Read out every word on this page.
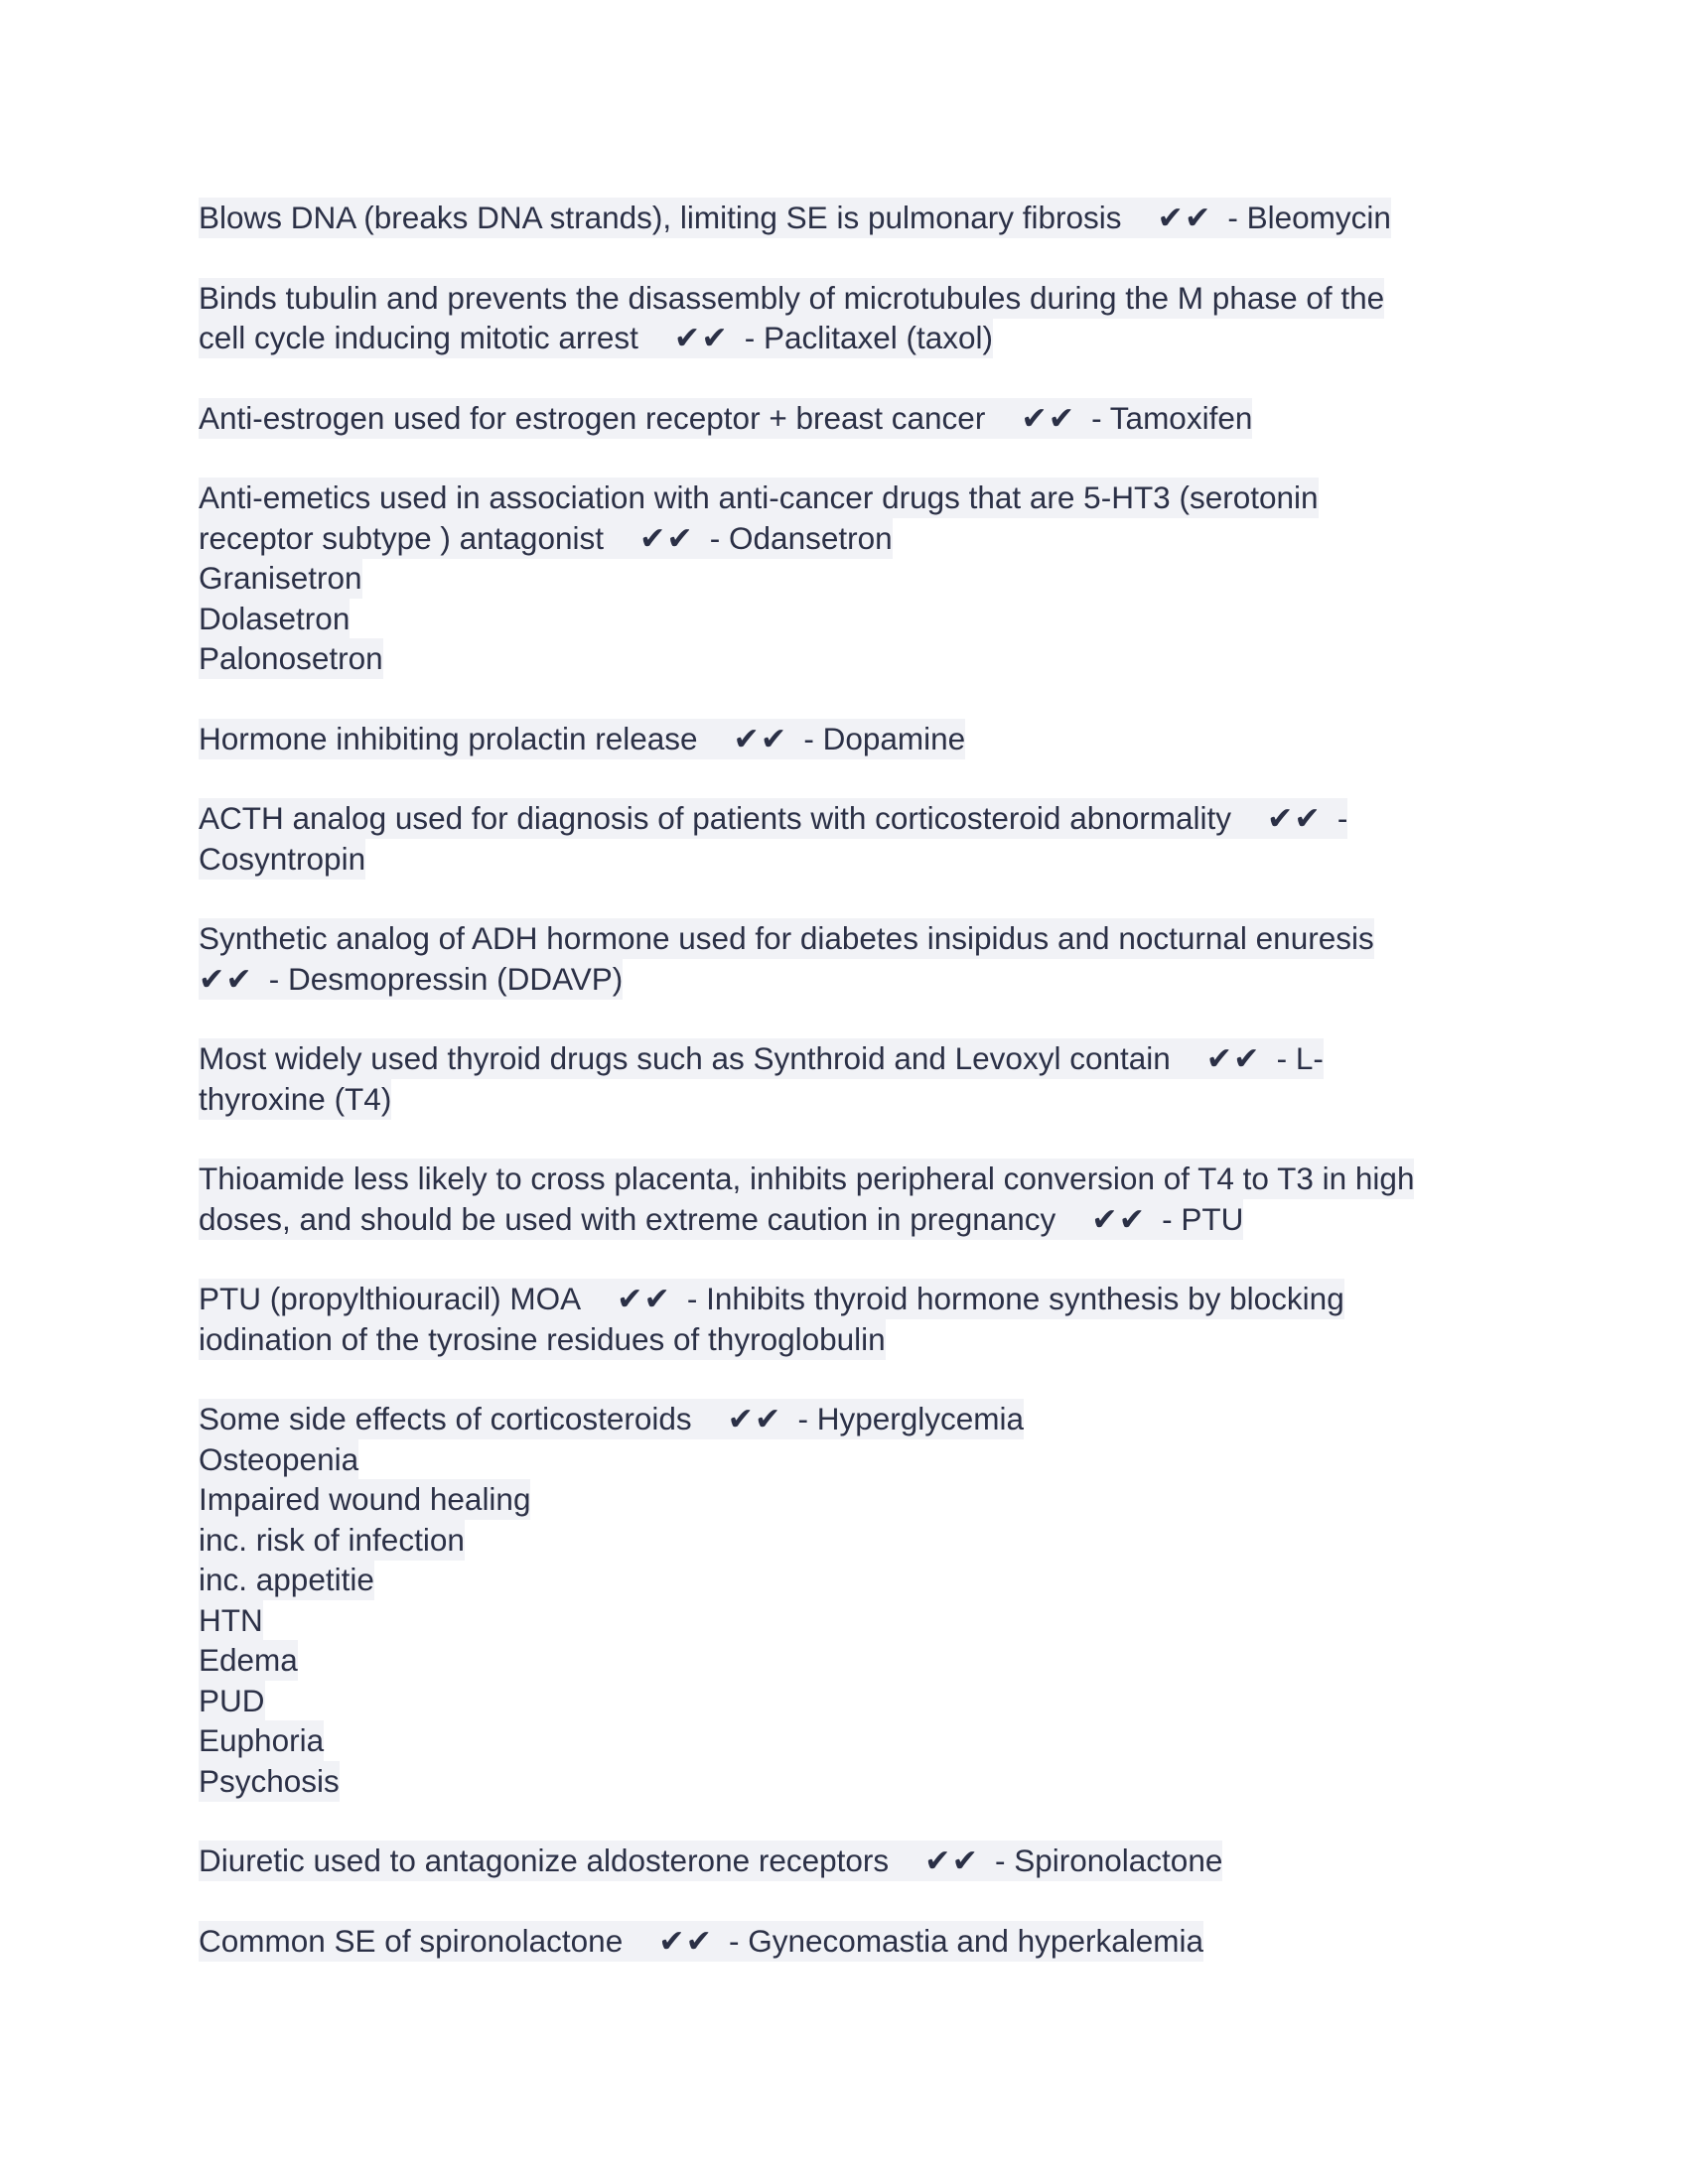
Blows DNA (breaks DNA strands), limiting SE is pulmonary fibrosis ✔✔ - Bleomycin
Binds tubulin and prevents the disassembly of microtubules during the M phase of the
cell cycle inducing mitotic arrest ✔✔ - Paclitaxel (taxol)
Anti-estrogen used for estrogen receptor + breast cancer ✔✔ - Tamoxifen
Anti-emetics used in association with anti-cancer drugs that are 5-HT3 (serotonin
receptor subtype ) antagonist ✔✔ - Odansetron
Granisetron
Dolasetron
Palonosetron
Hormone inhibiting prolactin release ✔✔ - Dopamine
ACTH analog used for diagnosis of patients with corticosteroid abnormality ✔✔ -
Cosyntropin
Synthetic analog of ADH hormone used for diabetes insipidus and nocturnal enuresis
✔✔ - Desmopressin (DDAVP)
Most widely used thyroid drugs such as Synthroid and Levoxyl contain ✔✔ - L-
thyroxine (T4)
Thioamide less likely to cross placenta, inhibits peripheral conversion of T4 to T3 in high
doses, and should be used with extreme caution in pregnancy ✔✔ - PTU
PTU (propylthiouracil) MOA ✔✔ - Inhibits thyroid hormone synthesis by blocking
iodination of the tyrosine residues of thyroglobulin
Some side effects of corticosteroids ✔✔ - Hyperglycemia
Osteopenia
Impaired wound healing
inc. risk of infection
inc. appetitie
HTN
Edema
PUD
Euphoria
Psychosis
Diuretic used to antagonize aldosterone receptors ✔✔ - Spironolactone
Common SE of spironolactone ✔✔ - Gynecomastia and hyperkalemia
